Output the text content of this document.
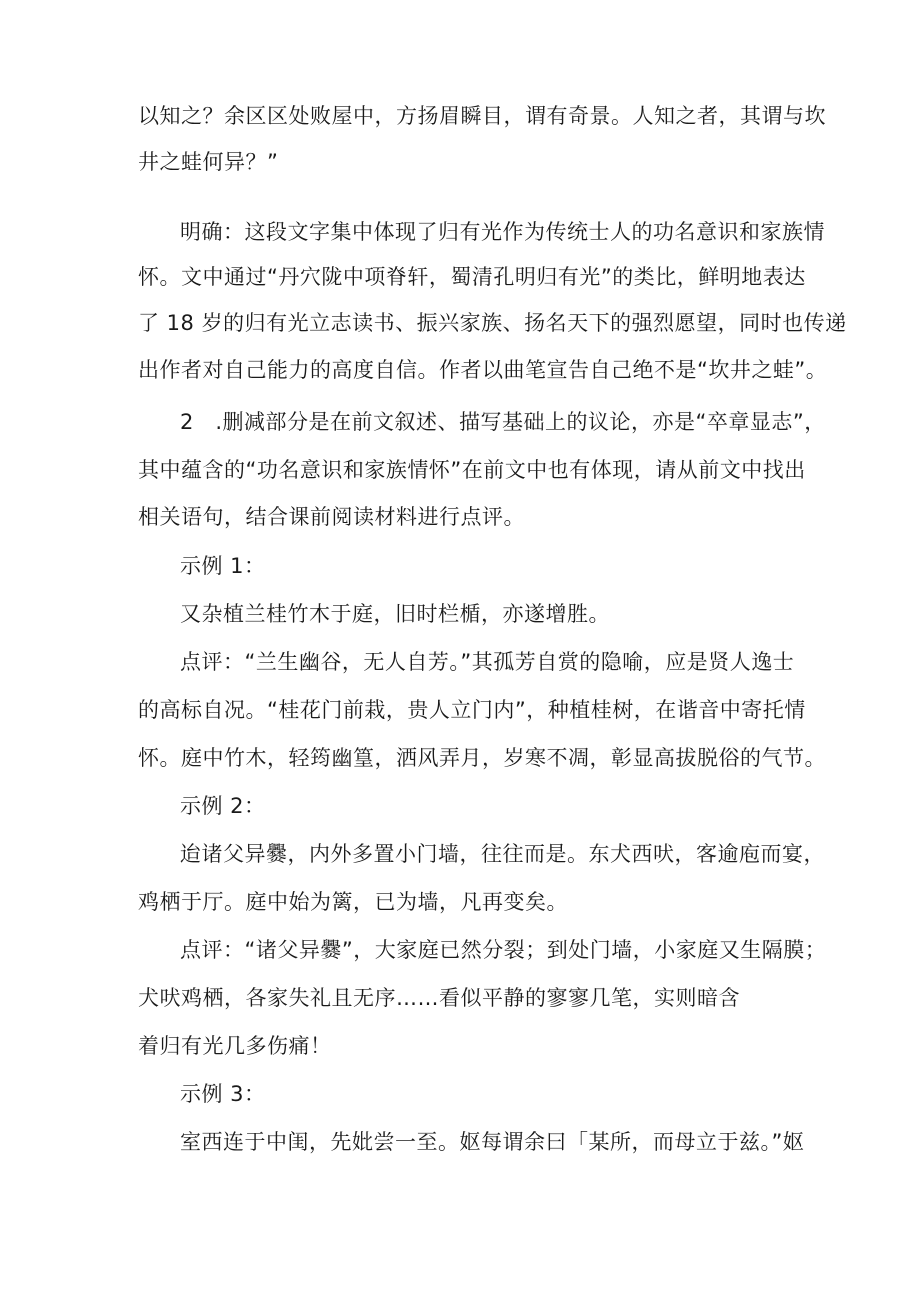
以知之？余区区处败屋中，方扬眉瞬目，谓有奇景。人知之者，其谓与坎
井之蛙何异？”
明确：这段文字集中体现了归有光作为传统士人的功名意识和家族情
怀。文中通过“丹穴陇中项脊轩，蜀清孔明归有光”的类比，鲜明地表达
了 18 岁的归有光立志读书、振兴家族、扬名天下的强烈愿望，同时也传递
出作者对自己能力的高度自信。作者以曲笔宣告自己绝不是“坎井之蛙”。
2　.删减部分是在前文叙述、描写基础上的议论，亦是“卒章显志”，
其中蕴含的“功名意识和家族情怀”在前文中也有体现，请从前文中找出
相关语句，结合课前阅读材料进行点评。
示例 1：
又杂植兰桂竹木于庭，旧时栏楯，亦遂增胜。
点评：“兰生幽谷，无人自芳。”其孤芳自赏的隐喻，应是贤人逸士
的高标自况。“桂花门前栽，贵人立门内”，种植桂树，在谐音中寄托情
怀。庭中竹木，轻筠幽篁，洒风弄月，岁寒不凋，彰显高拔脱俗的气节。
示例 2：
迨诸父异爨，内外多置小门墙，往往而是。东犬西吠，客逾庖而宴，
鸡栖于厅。庭中始为篱，已为墙，凡再变矣。
点评：“诸父异爨”，大家庭已然分裂；到处门墙，小家庭又生隔膜；
犬吠鸡栖，各家失礼且无序……看似平静的寥寥几笔，实则暗含
着归有光几多伤痛！
示例 3：
室西连于中闺，先妣尝一至。妪每谓余曰「某所，而母立于兹。”妪
